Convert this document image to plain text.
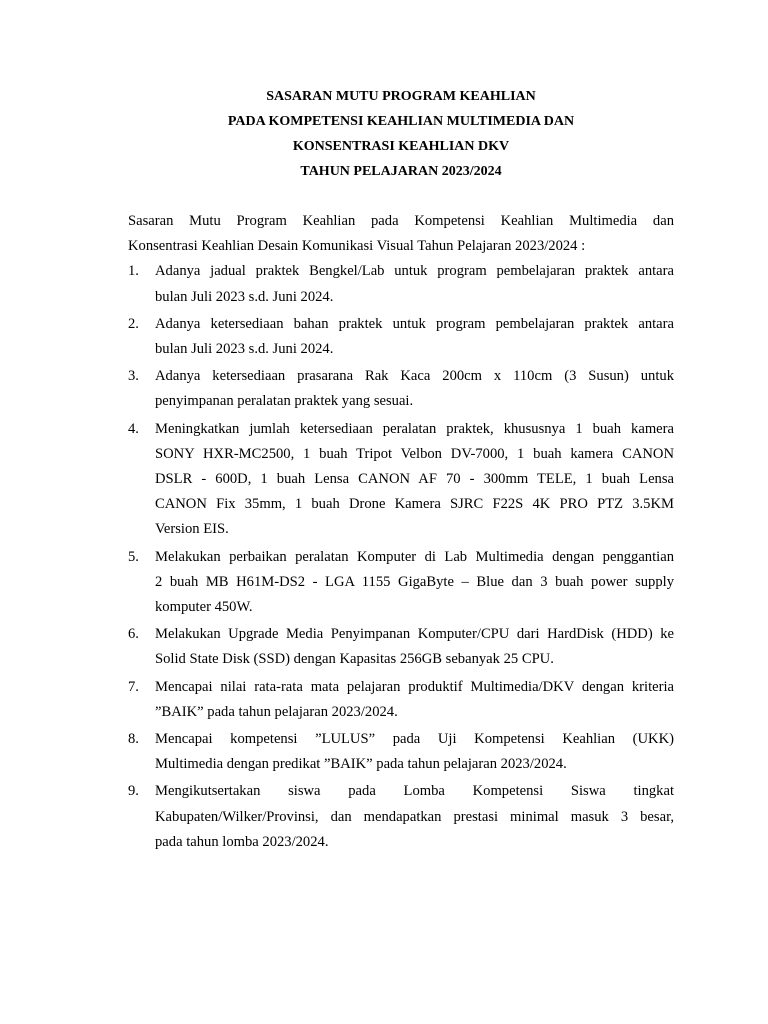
SASARAN MUTU PROGRAM KEAHLIAN
PADA KOMPETENSI KEAHLIAN MULTIMEDIA DAN
KONSENTRASI KEAHLIAN DKV
TAHUN PELAJARAN 2023/2024
Sasaran Mutu Program Keahlian pada Kompetensi Keahlian Multimedia dan
Konsentrasi Keahlian Desain Komunikasi Visual Tahun Pelajaran 2023/2024 :
1. Adanya jadual praktek Bengkel/Lab untuk program pembelajaran praktek antara
bulan Juli 2023 s.d. Juni 2024.
2. Adanya ketersediaan bahan praktek untuk program pembelajaran praktek antara
bulan Juli 2023 s.d. Juni 2024.
3. Adanya ketersediaan prasarana Rak Kaca 200cm x 110cm (3 Susun) untuk
penyimpanan peralatan praktek yang sesuai.
4. Meningkatkan jumlah ketersediaan peralatan praktek, khususnya 1 buah kamera
SONY HXR-MC2500, 1 buah Tripot Velbon DV-7000, 1 buah kamera CANON
DSLR - 600D, 1 buah Lensa CANON AF 70 - 300mm TELE, 1 buah Lensa
CANON Fix 35mm, 1 buah Drone Kamera SJRC F22S 4K PRO PTZ 3.5KM
Version EIS.
5. Melakukan perbaikan peralatan Komputer di Lab Multimedia dengan penggantian
2 buah MB H61M-DS2 - LGA 1155 GigaByte – Blue dan 3 buah power supply
komputer 450W.
6. Melakukan Upgrade Media Penyimpanan Komputer/CPU dari HardDisk (HDD) ke
Solid State Disk (SSD) dengan Kapasitas 256GB sebanyak 25 CPU.
7. Mencapai nilai rata-rata mata pelajaran produktif Multimedia/DKV dengan kriteria
”BAIK” pada tahun pelajaran 2023/2024.
8. Mencapai kompetensi ”LULUS” pada Uji Kompetensi Keahlian (UKK)
Multimedia dengan predikat ”BAIK” pada tahun pelajaran 2023/2024.
9. Mengikutsertakan siswa pada Lomba Kompetensi Siswa tingkat
Kabupaten/Wilker/Provinsi, dan mendapatkan prestasi minimal masuk 3 besar,
pada tahun lomba 2023/2024.
